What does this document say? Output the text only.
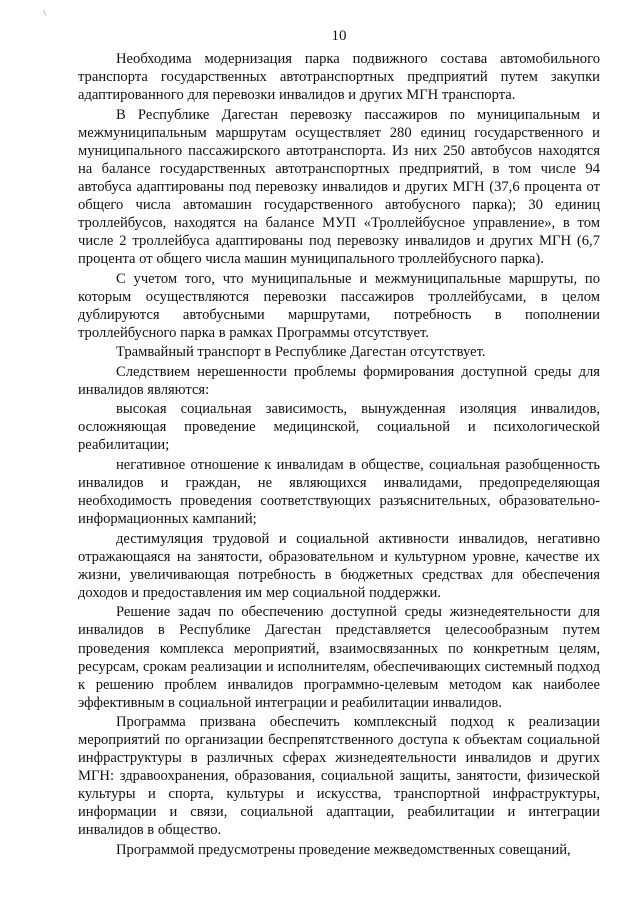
10

Необходима модернизация парка подвижного состава автомобильного транспорта государственных автотранспортных предприятий путем закупки адаптированного для перевозки инвалидов и других МГН транспорта.

В Республике Дагестан перевозку пассажиров по муниципальным и межмуниципальным маршрутам осуществляет 280 единиц государственного и муниципального пассажирского автотранспорта. Из них 250 автобусов находятся на балансе государственных автотранспортных предприятий, в том числе 94 автобуса адаптированы под перевозку инвалидов и других МГН (37,6 процента от общего числа автомашин государственного автобусного парка); 30 единиц троллейбусов, находятся на балансе МУП «Троллейбусное управление», в том числе 2 троллейбуса адаптированы под перевозку инвалидов и других МГН (6,7 процента от общего числа машин муниципального троллейбусного парка).

С учетом того, что муниципальные и межмуниципальные маршруты, по которым осуществляются перевозки пассажиров троллейбусами, в целом дублируются автобусными маршрутами, потребность в пополнении троллейбусного парка в рамках Программы отсутствует.

Трамвайный транспорт в Республике Дагестан отсутствует.

Следствием нерешенности проблемы формирования доступной среды для инвалидов являются:

высокая социальная зависимость, вынужденная изоляция инвалидов, осложняющая проведение медицинской, социальной и психологической реабилитации;

негативное отношение к инвалидам в обществе, социальная разобщенность инвалидов и граждан, не являющихся инвалидами, предопределяющая необходимость проведения соответствующих разъяснительных, образовательно-информационных кампаний;

дестимуляция трудовой и социальной активности инвалидов, негативно отражающаяся на занятости, образовательном и культурном уровне, качестве их жизни, увеличивающая потребность в бюджетных средствах для обеспечения доходов и предоставления им мер социальной поддержки.

Решение задач по обеспечению доступной среды жизнедеятельности для инвалидов в Республике Дагестан представляется целесообразным путем проведения комплекса мероприятий, взаимосвязанных по конкретным целям, ресурсам, срокам реализации и исполнителям, обеспечивающих системный подход к решению проблем инвалидов программно-целевым методом как наиболее эффективным в социальной интеграции и реабилитации инвалидов.

Программа призвана обеспечить комплексный подход к реализации мероприятий по организации беспрепятственного доступа к объектам социальной инфраструктуры в различных сферах жизнедеятельности инвалидов и других МГН: здравоохранения, образования, социальной защиты, занятости, физической культуры и спорта, культуры и искусства, транспортной инфраструктуры, информации и связи, социальной адаптации, реабилитации и интеграции инвалидов в общество.

Программой предусмотрены проведение межведомственных совещаний,
